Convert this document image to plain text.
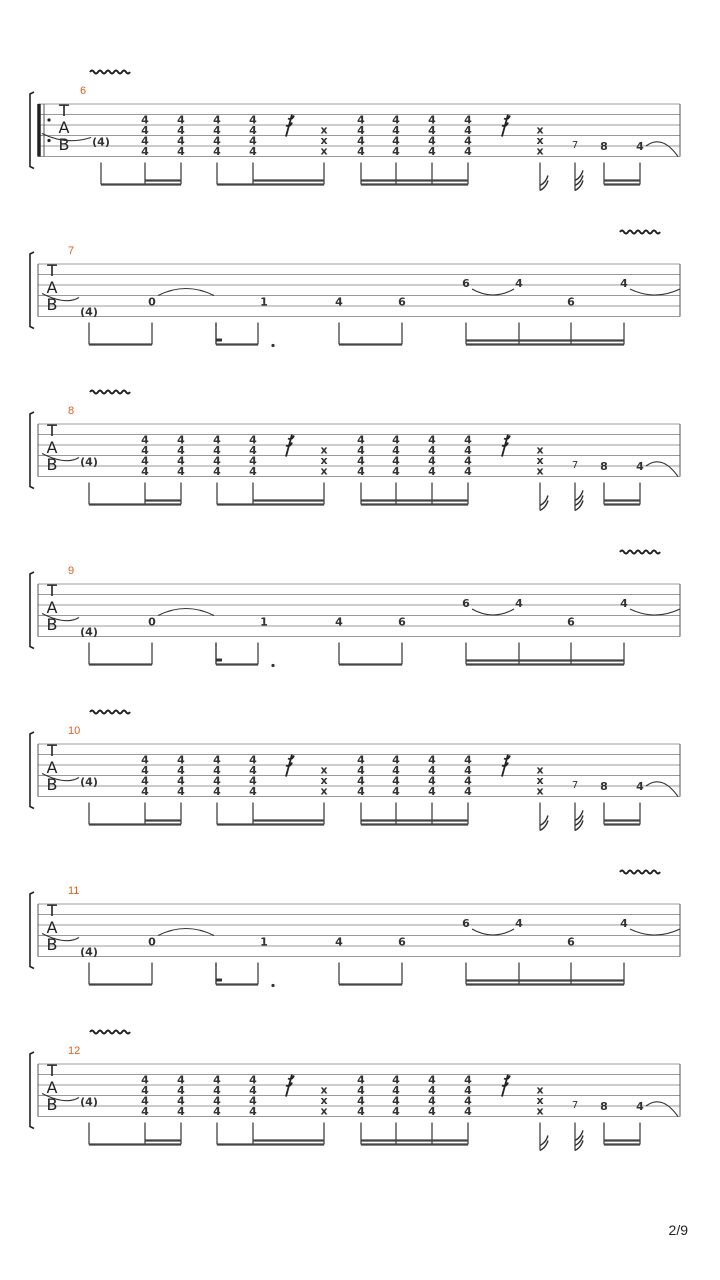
T
A
B
6
(4)
4
4
4
4
4
4
4
4
4
4
4
4
4
4
4
4
4
4
4
4
4
4
4
4
4
4
4
4
4
4
4
4
x
x
x
x
x
x	7 8	4
T
A
B
7
(4)
0	1	4	6
6	4
6
4
T
A
B
8
(4)
4
4
4
4
4
4
4
4
4
4
4
4
4
4
4
4
4
4
4
4
4
4
4
4
4
4
4
4
4
4
4
4
x
x
x
x
x
x	7 8	4
T
A
B
9
(4)
0	1	4	6
6	4
6
4
T
A
B
10
(4)
4
4
4
4
4
4
4
4
4
4
4
4
4
4
4
4
4
4
4
4
4
4
4
4
4
4
4
4
4
4
4
4
x
x
x
x
x
x	7 8	4
T
A
B
11
(4)
0	1	4	6
6	4
6
4
T
A
B
12
(4)
4
4
4
4
4
4
4
4
4
4
4
4
4
4
4
4
4
4
4
4
4
4
4
4
4
4
4
4
4
4
4
4
x
x
x
x
x
x	7 8	4
2/9
